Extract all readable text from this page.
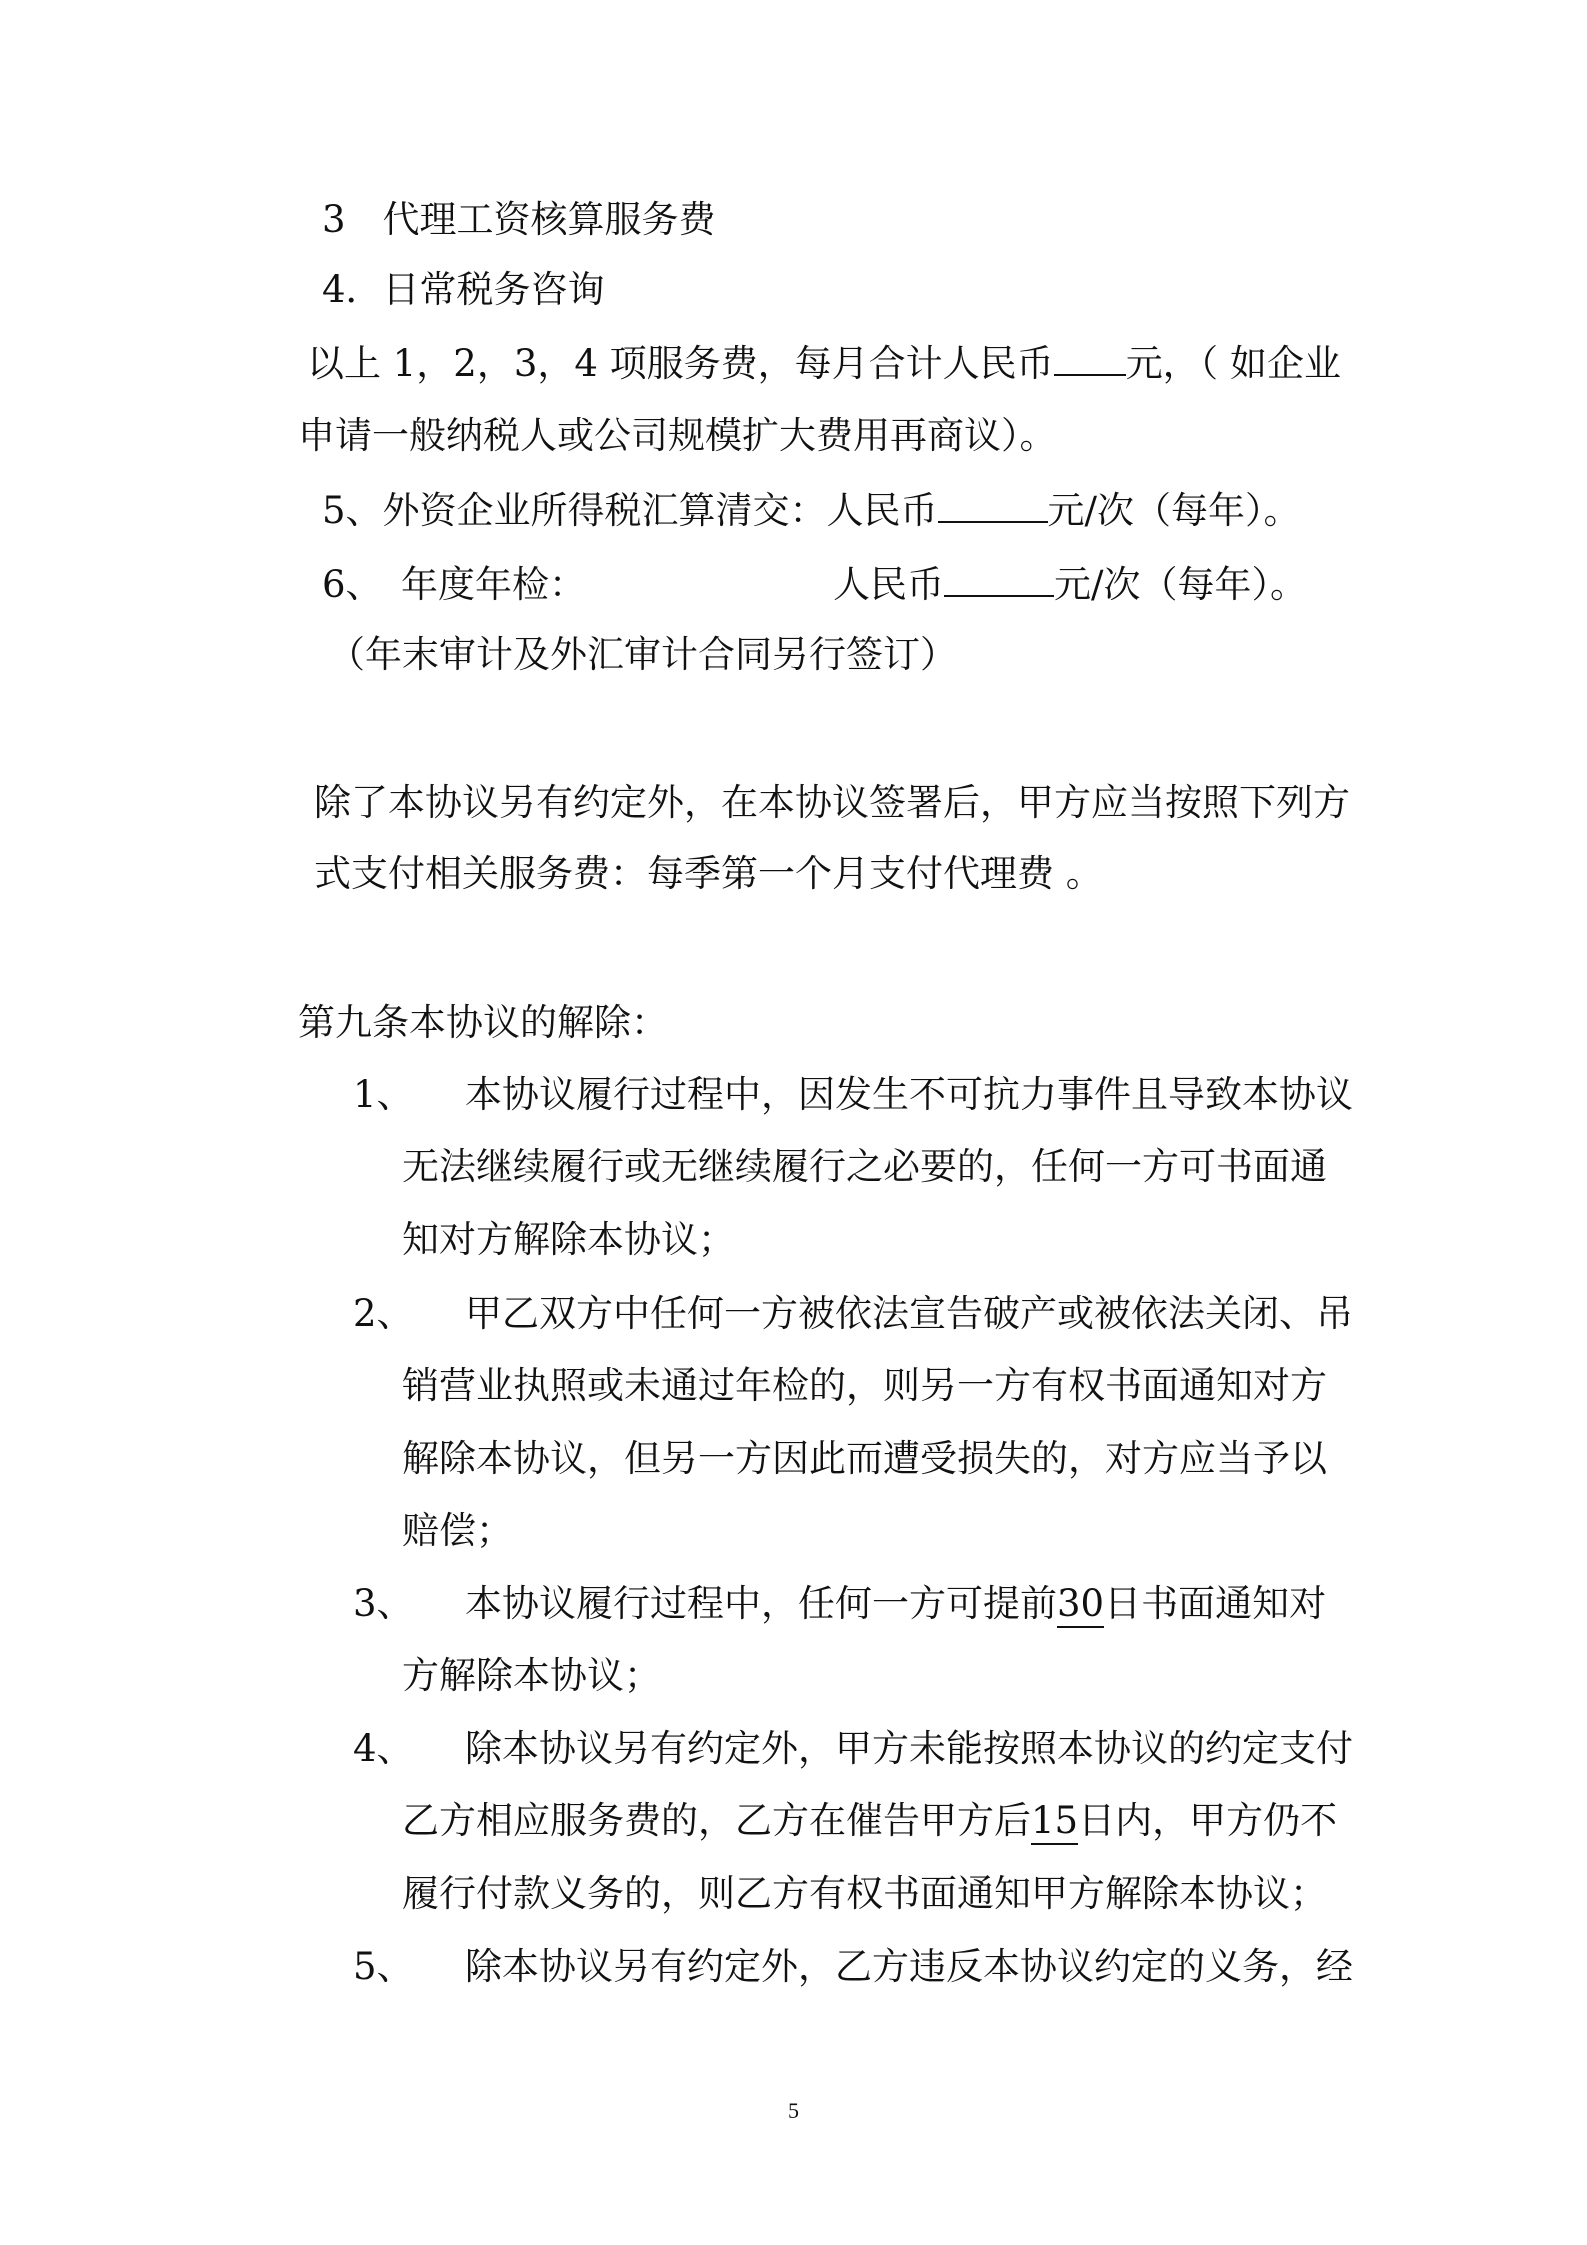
3　代理工资核算服务费
4．日常税务咨询
以上 1，2，3，4 项服务费，每月合计人民币 元，（ 如企业
申请一般纳税人或公司规模扩大费用再商议）。
5、外资企业所得税汇算清交：人民币	元/次（每年）。
6、　年度年检：	人民币	元/次（每年）。
（年末审计及外汇审计合同另行签订）
除了本协议另有约定外，在本协议签署后，甲方应当按照下列方
式支付相关服务费：每季第一个月支付代理费 。
第九条本协议的解除：
1、 本协议履行过程中，因发生不可抗力事件且导致本协议
无法继续履行或无继续履行之必要的，任何一方可书面通
知对方解除本协议；
2、 甲乙双方中任何一方被依法宣告破产或被依法关闭、吊
销营业执照或未通过年检的，则另一方有权书面通知对方
解除本协议，但另一方因此而遭受损失的，对方应当予以
赔偿；
3、 本协议履行过程中，任何一方可提前30日书面通知对
方解除本协议；
4、 除本协议另有约定外，甲方未能按照本协议的约定支付
乙方相应服务费的，乙方在催告甲方后15日内，甲方仍不
履行付款义务的，则乙方有权书面通知甲方解除本协议；
5、 除本协议另有约定外，乙方违反本协议约定的义务，经
5
